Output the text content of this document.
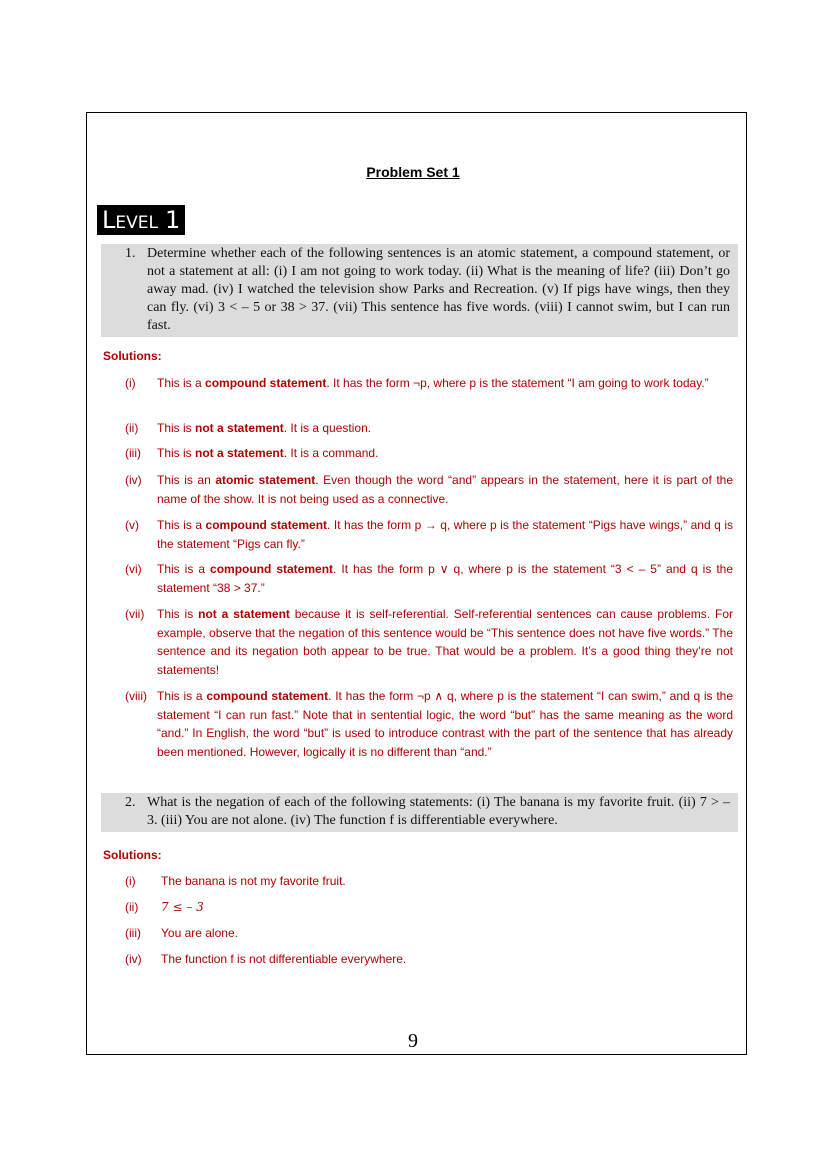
Problem Set 1
LEVEL 1
1. Determine whether each of the following sentences is an atomic statement, a compound statement, or not a statement at all: (i) I am not going to work today. (ii) What is the meaning of life? (iii) Don’t go away mad. (iv) I watched the television show Parks and Recreation. (v) If pigs have wings, then they can fly. (vi) 3 < – 5 or 38 > 37. (vii) This sentence has five words. (viii) I cannot swim, but I can run fast.
Solutions:
(i) This is a compound statement. It has the form ¬p, where p is the statement “I am going to work today.”
(ii) This is not a statement. It is a question.
(iii) This is not a statement. It is a command.
(iv) This is an atomic statement. Even though the word “and” appears in the statement, here it is part of the name of the show. It is not being used as a connective.
(v) This is a compound statement. It has the form p → q, where p is the statement “Pigs have wings,” and q is the statement “Pigs can fly.”
(vi) This is a compound statement. It has the form p ∨ q, where p is the statement “3 < – 5” and q is the statement “38 > 37.”
(vii) This is not a statement because it is self-referential. Self-referential sentences can cause problems. For example, observe that the negation of this sentence would be “This sentence does not have five words.” The sentence and its negation both appear to be true. That would be a problem. It’s a good thing they’re not statements!
(viii) This is a compound statement. It has the form ¬p ∧ q, where p is the statement “I can swim,” and q is the statement “I can run fast.” Note that in sentential logic, the word “but” has the same meaning as the word “and.” In English, the word “but” is used to introduce contrast with the part of the sentence that has already been mentioned. However, logically it is no different than “and.”
2. What is the negation of each of the following statements: (i) The banana is my favorite fruit. (ii) 7 > – 3. (iii) You are not alone. (iv) The function f is differentiable everywhere.
Solutions:
(i) The banana is not my favorite fruit.
(ii) 7 ≤ – 3
(iii) You are alone.
(iv) The function f is not differentiable everywhere.
9
